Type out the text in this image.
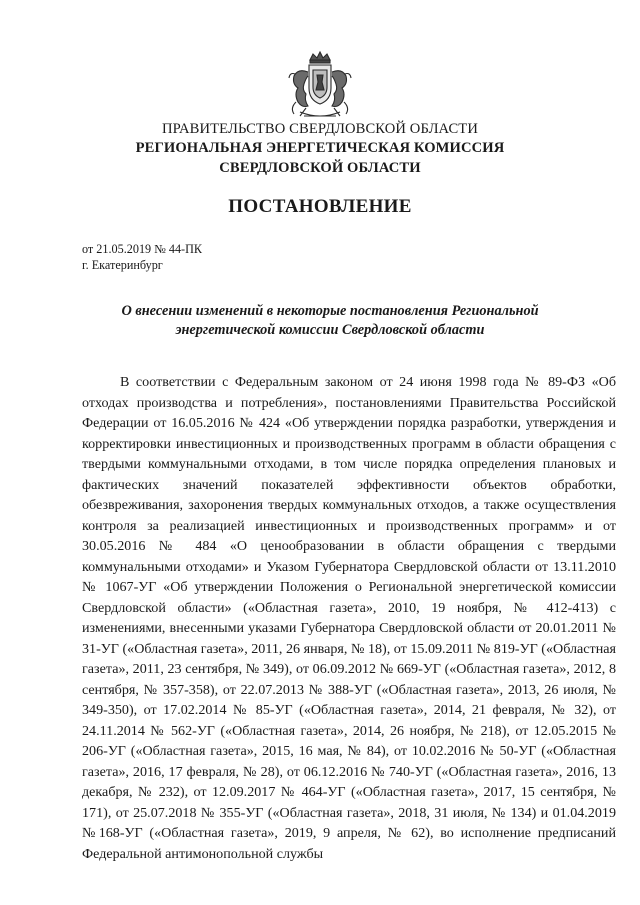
ПРАВИТЕЛЬСТВО СВЕРДЛОВСКОЙ ОБЛАСТИ
РЕГИОНАЛЬНАЯ ЭНЕРГЕТИЧЕСКАЯ КОМИССИЯ
СВЕРДЛОВСКОЙ ОБЛАСТИ
ПОСТАНОВЛЕНИЕ
от 21.05.2019 № 44-ПК
г. Екатеринбург
О внесении изменений в некоторые постановления Региональной энергетической комиссии Свердловской области

В соответствии с Федеральным законом от 24 июня 1998 года № 89-ФЗ «Об отходах производства и потребления», постановлениями Правительства Российской Федерации от 16.05.2016 № 424 «Об утверждении порядка разработки, утверждения и корректировки инвестиционных и производственных программ в области обращения с твердыми коммунальными отходами, в том числе порядка определения плановых и фактических значений показателей эффективности объектов обработки, обезвреживания, захоронения твердых коммунальных отходов, а также осуществления контроля за реализацией инвестиционных и производственных программ» и от 30.05.2016 № 484 «О ценообразовании в области обращения с твердыми коммунальными отходами» и Указом Губернатора Свердловской области от 13.11.2010 № 1067-УГ «Об утверждении Положения о Региональной энергетической комиссии Свердловской области» («Областная газета», 2010, 19 ноября, № 412-413) с изменениями, внесенными указами Губернатора Свердловской области от 20.01.2011 № 31-УГ («Областная газета», 2011, 26 января, № 18), от 15.09.2011 № 819-УГ («Областная газета», 2011, 23 сентября, № 349), от 06.09.2012 № 669-УГ («Областная газета», 2012, 8 сентября, № 357-358), от 22.07.2013 № 388-УГ («Областная газета», 2013, 26 июля, № 349-350), от 17.02.2014 № 85-УГ («Областная газета», 2014, 21 февраля, № 32), от 24.11.2014 № 562-УГ («Областная газета», 2014, 26 ноября, № 218), от 12.05.2015 № 206-УГ («Областная газета», 2015, 16 мая, № 84), от 10.02.2016 № 50-УГ («Областная газета», 2016, 17 февраля, № 28), от 06.12.2016 № 740-УГ («Областная газета», 2016, 13 декабря, № 232), от 12.09.2017 № 464-УГ («Областная газета», 2017, 15 сентября, № 171), от 25.07.2018 № 355-УГ («Областная газета», 2018, 31 июля, № 134) и 01.04.2019 №168-УГ («Областная газета», 2019, 9 апреля, № 62), во исполнение предписаний Федеральной антимонопольной службы
